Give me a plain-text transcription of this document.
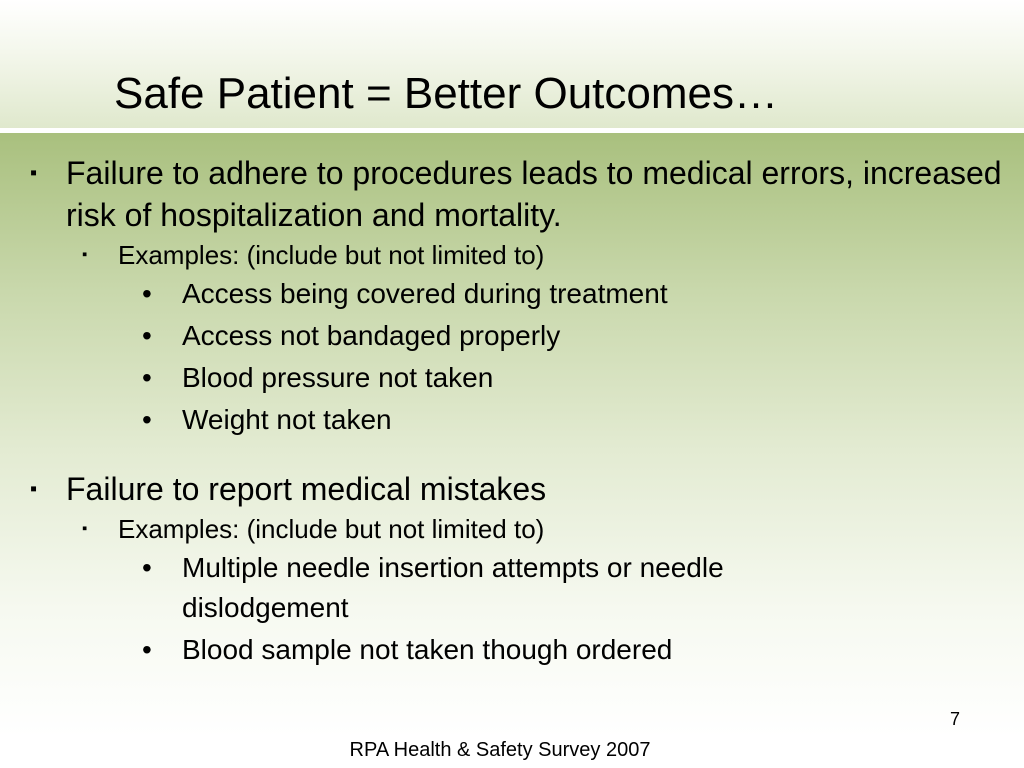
Safe Patient = Better Outcomes…
▪ Failure to adhere to procedures leads to medical errors, increased risk of hospitalization and mortality.
▪ Examples: (include but not limited to)
• Access being covered during treatment
• Access not bandaged properly
• Blood pressure not taken
• Weight not taken
▪ Failure to report medical mistakes
▪ Examples: (include but not limited to)
• Multiple needle insertion attempts or needle dislodgement
• Blood sample not taken though ordered
7
RPA Health & Safety Survey 2007
